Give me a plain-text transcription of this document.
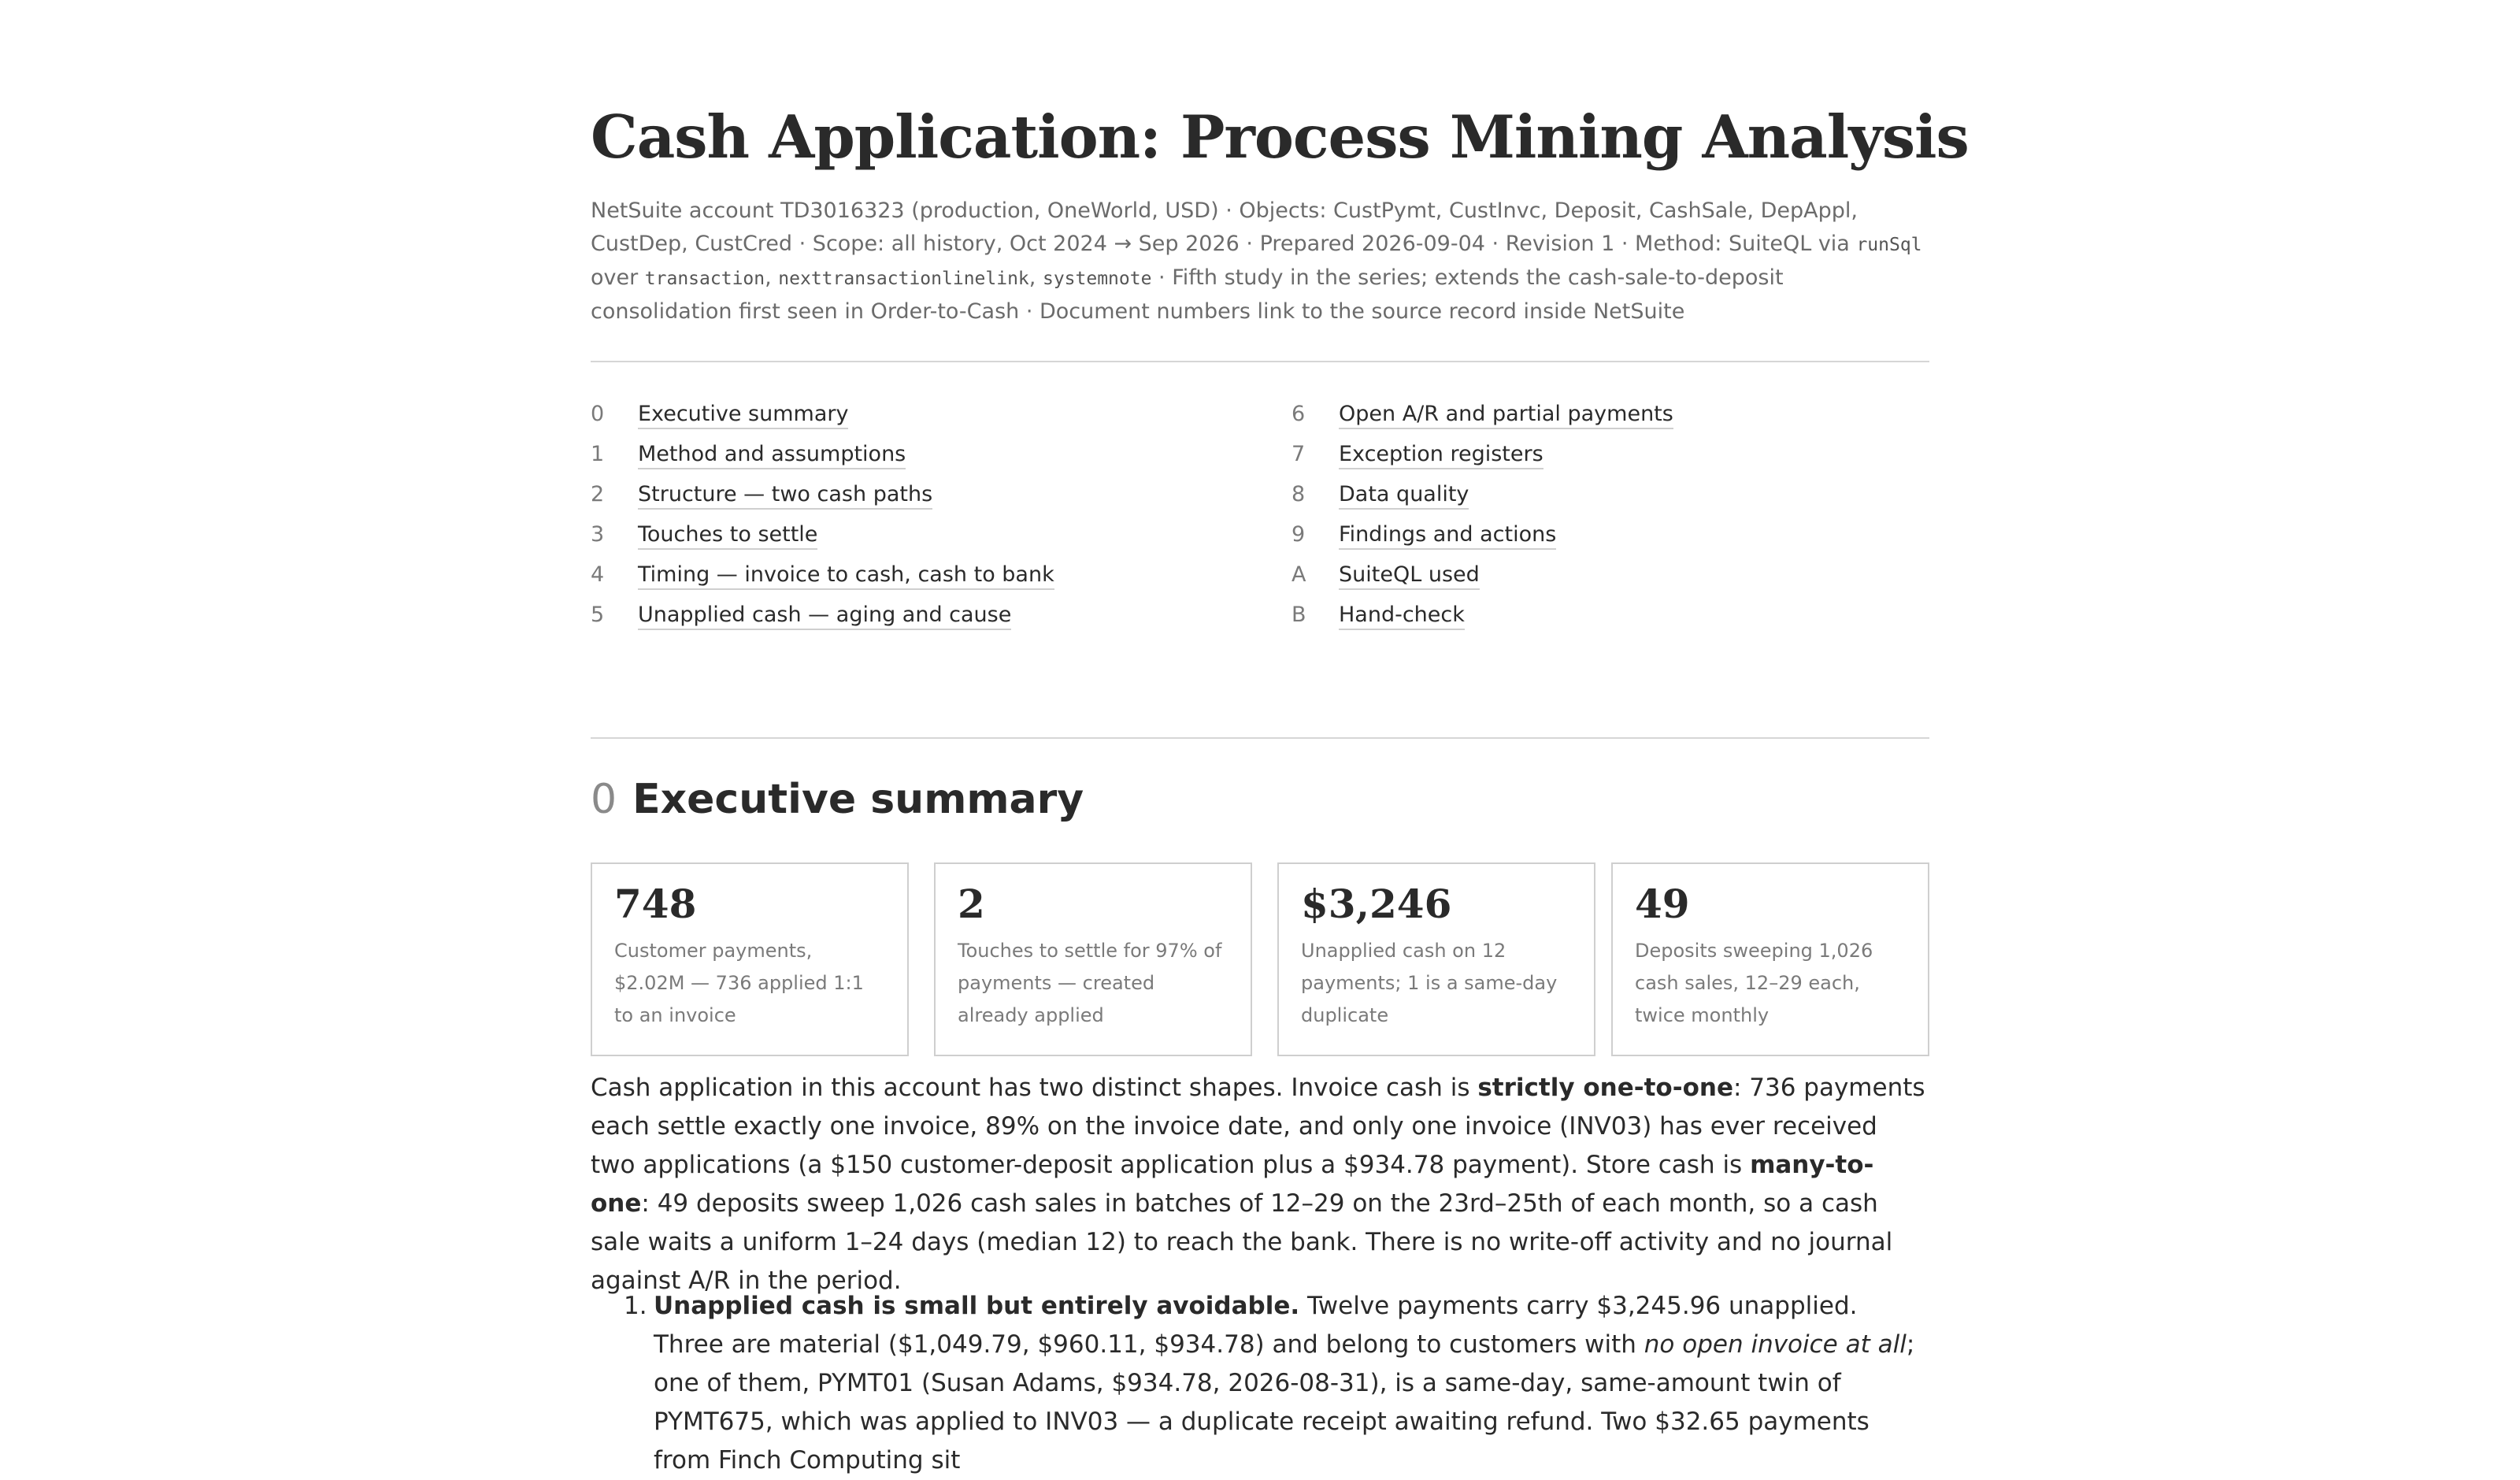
Cash Application: Process Mining Analysis
NetSuite account TD3016323 (production, OneWorld, USD) · Objects: CustPymt, CustInvc, Deposit, CashSale, DepAppl, CustDep, CustCred · Scope: all history, Oct 2024 → Sep 2026 · Prepared 2026-09-04 · Revision 1 · Method: SuiteQL via runSql over transaction, nexttransactionlinelink, systemnote · Fifth study in the series; extends the cash-sale-to-deposit consolidation first seen in Order-to-Cash · Document numbers link to the source record inside NetSuite
0	Executive summary
1	Method and assumptions
2	Structure — two cash paths
3	Touches to settle
4	Timing — invoice to cash, cash to bank
5	Unapplied cash — aging and cause
6	Open A/R and partial payments
7	Exception registers
8	Data quality
9	Findings and actions
A	SuiteQL used
B	Hand-check
0 Executive summary
748
Customer payments, $2.02M — 736 applied 1:1 to an invoice
2
Touches to settle for 97% of payments — created already applied
$3,246
Unapplied cash on 12 payments; 1 is a same-day duplicate
49
Deposits sweeping 1,026 cash sales, 12–29 each, twice monthly

Cash application in this account has two distinct shapes. Invoice cash is strictly one-to-one: 736 payments each settle exactly one invoice, 89% on the invoice date, and only one invoice (INV03) has ever received two applications (a $150 customer-deposit application plus a $934.78 payment). Store cash is many-to-one: 49 deposits sweep 1,026 cash sales in batches of 12–29 on the 23rd–25th of each month, so a cash sale waits a uniform 1–24 days (median 12) to reach the bank. There is no write-off activity and no journal against A/R in the period.

1. Unapplied cash is small but entirely avoidable. Twelve payments carry $3,245.96 unapplied. Three are material ($1,049.79, $960.11, $934.78) and belong to customers with no open invoice at all; one of them, PYMT01 (Susan Adams, $934.78, 2026-08-31), is a same-day, same-amount twin of PYMT675, which was applied to INV03 — a duplicate receipt awaiting refund. Two $32.65 payments from Finch Computing sit
